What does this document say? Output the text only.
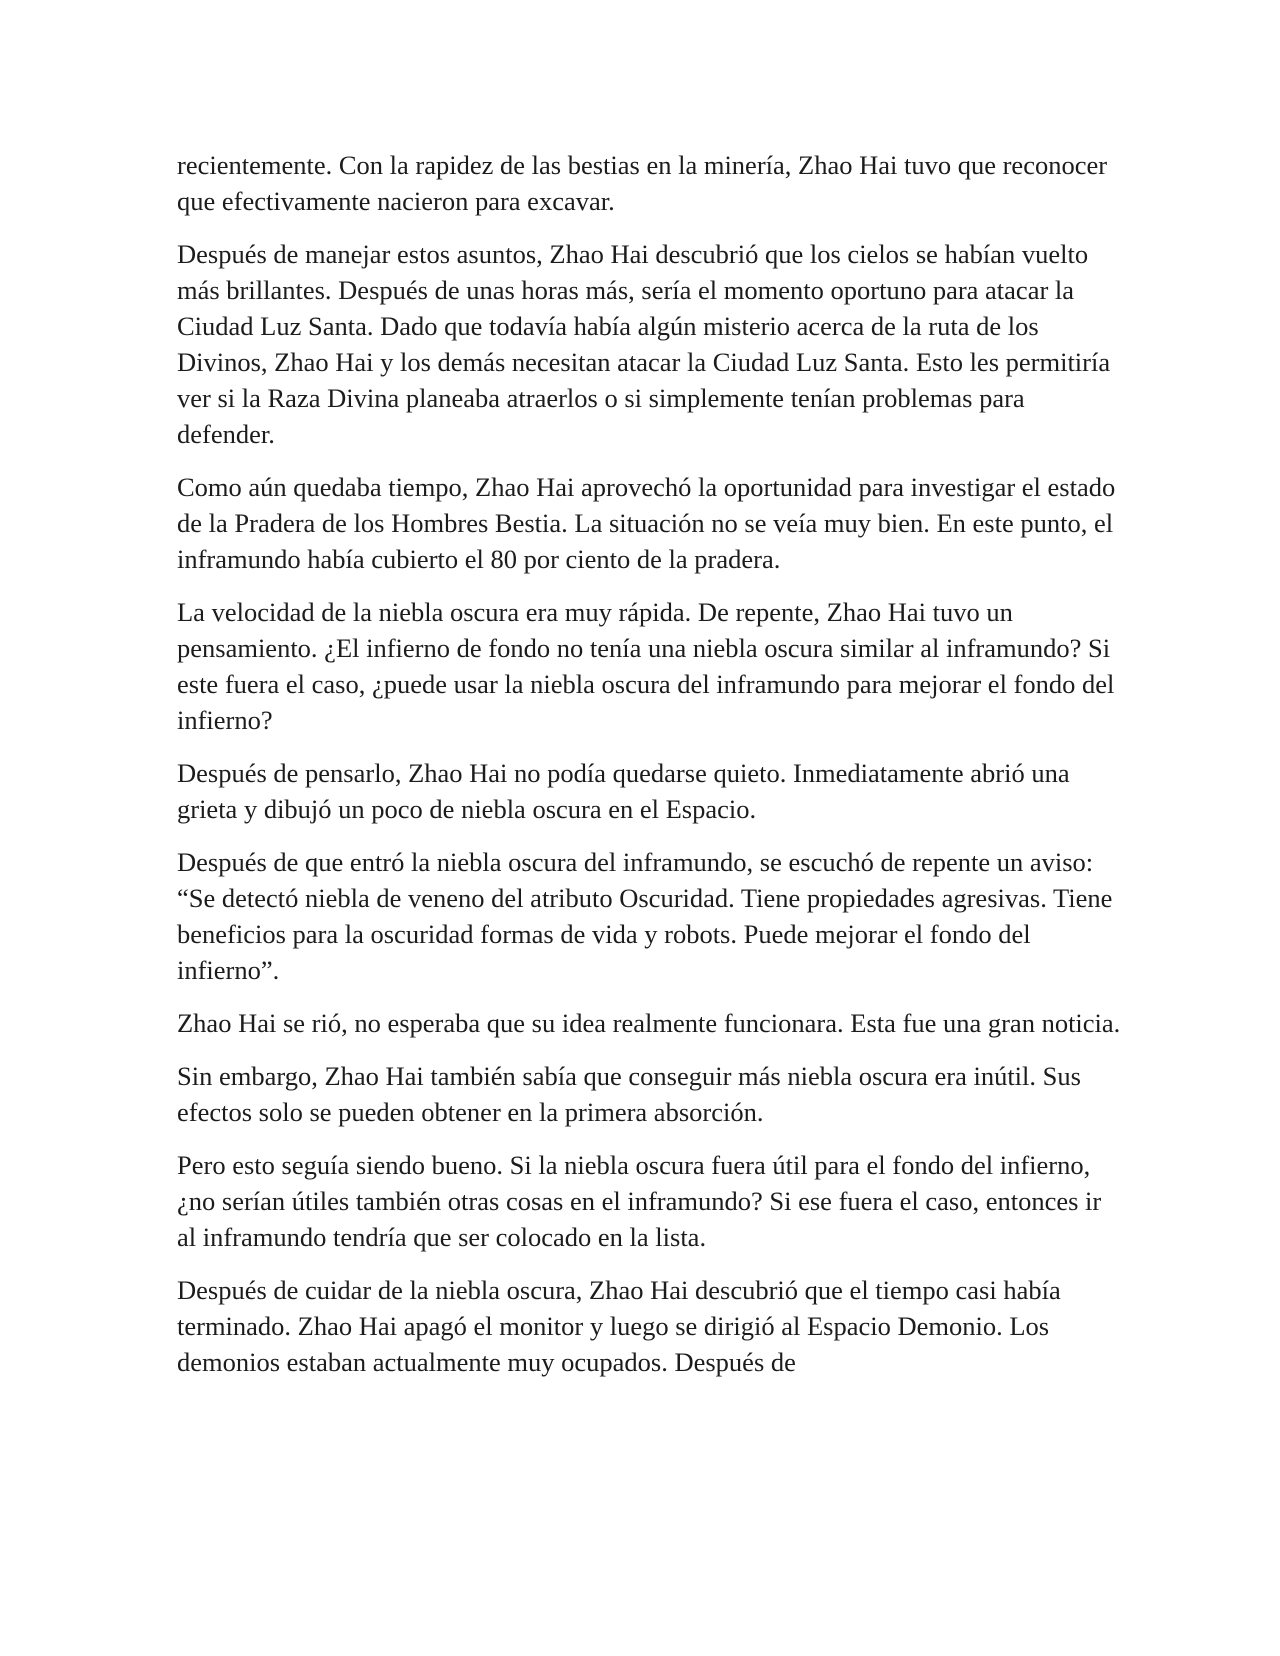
recientemente. Con la rapidez de las bestias en la minería, Zhao Hai tuvo que reconocer que efectivamente nacieron para excavar.

Después de manejar estos asuntos, Zhao Hai descubrió que los cielos se habían vuelto más brillantes. Después de unas horas más, sería el momento oportuno para atacar la Ciudad Luz Santa. Dado que todavía había algún misterio acerca de la ruta de los Divinos, Zhao Hai y los demás necesitan atacar la Ciudad Luz Santa. Esto les permitiría ver si la Raza Divina planeaba atraerlos o si simplemente tenían problemas para defender.

Como aún quedaba tiempo, Zhao Hai aprovechó la oportunidad para investigar el estado de la Pradera de los Hombres Bestia. La situación no se veía muy bien. En este punto, el inframundo había cubierto el 80 por ciento de la pradera.

La velocidad de la niebla oscura era muy rápida. De repente, Zhao Hai tuvo un pensamiento. ¿El infierno de fondo no tenía una niebla oscura similar al inframundo? Si este fuera el caso, ¿puede usar la niebla oscura del inframundo para mejorar el fondo del infierno?

Después de pensarlo, Zhao Hai no podía quedarse quieto. Inmediatamente abrió una grieta y dibujó un poco de niebla oscura en el Espacio.

Después de que entró la niebla oscura del inframundo, se escuchó de repente un aviso: “Se detectó niebla de veneno del atributo Oscuridad. Tiene propiedades agresivas. Tiene beneficios para la oscuridad formas de vida y robots. Puede mejorar el fondo del infierno”.

Zhao Hai se rió, no esperaba que su idea realmente funcionara. Esta fue una gran noticia.

Sin embargo, Zhao Hai también sabía que conseguir más niebla oscura era inútil. Sus efectos solo se pueden obtener en la primera absorción.

Pero esto seguía siendo bueno. Si la niebla oscura fuera útil para el fondo del infierno, ¿no serían útiles también otras cosas en el inframundo? Si ese fuera el caso, entonces ir al inframundo tendría que ser colocado en la lista.

Después de cuidar de la niebla oscura, Zhao Hai descubrió que el tiempo casi había terminado. Zhao Hai apagó el monitor y luego se dirigió al Espacio Demonio. Los demonios estaban actualmente muy ocupados. Después de
